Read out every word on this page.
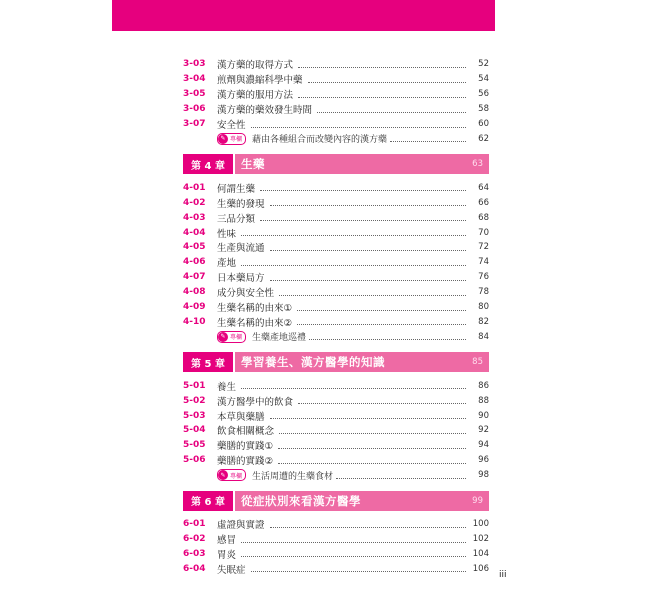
3-03	漢方藥的取得方式	52
3-04	煎劑與濃縮科學中藥	54
3-05	漢方藥的服用方法	56
3-06	漢方藥的藥效發生時間	58
3-07	安全性	60
✎ 專欄 藉由各種組合而改變內容的漢方藥	62
第 4 章	生藥	63
4-01	何謂生藥	64
4-02	生藥的發現	66
4-03	三品分類	68
4-04	性味	70
4-05	生產與流通	72
4-06	產地	74
4-07	日本藥局方	76
4-08	成分與安全性	78
4-09	生藥名稱的由來①	80
4-10	生藥名稱的由來②	82
✎ 專欄 生藥產地巡禮	84
第 5 章	學習養生、漢方醫學的知識	85
5-01	養生	86
5-02	漢方醫學中的飲食	88
5-03	本草與藥膳	90
5-04	飲食相關概念	92
5-05	藥膳的實踐①	94
5-06	藥膳的實踐②	96
✎ 專欄 生活周遭的生藥食材	98
第 6 章	從症狀別來看漢方醫學	99
6-01	虛證與實證	100
6-02	感冒	102
6-03	胃炎	104
6-04	失眠症	106
iii
